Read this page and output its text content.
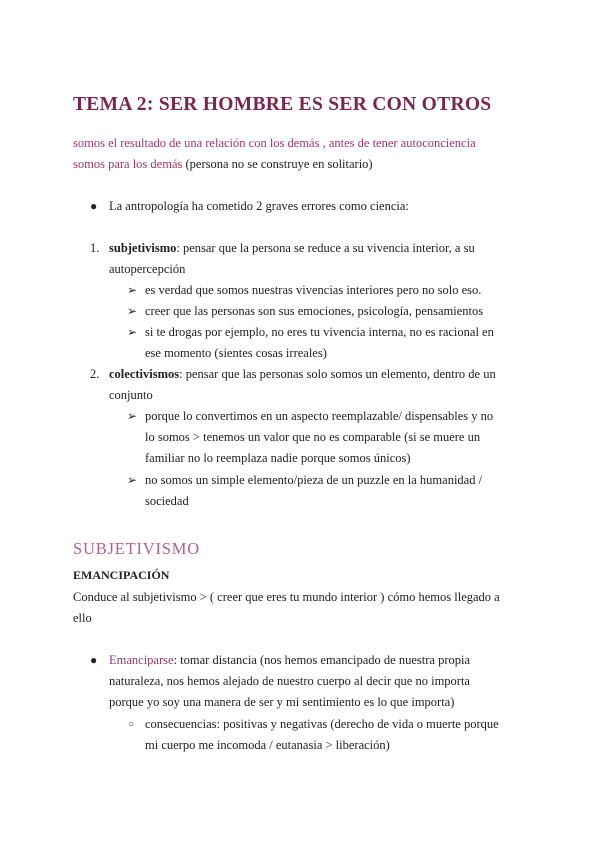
TEMA 2: SER HOMBRE ES SER CON OTROS
somos el resultado de una relación con los demás , antes de tener autoconciencia
somos para los demás (persona no se construye en solitario)
● La antropología ha cometido 2 graves errores como ciencia:
1. subjetivismo: pensar que la persona se reduce a su vivencia interior, a su
autopercepción
➢ es verdad que somos nuestras vivencias interiores pero no solo eso.
➢ creer que las personas son sus emociones, psicología, pensamientos
➢ si te drogas por ejemplo, no eres tu vivencia interna, no es racional en
ese momento (sientes cosas irreales)
2. colectivismos: pensar que las personas solo somos un elemento, dentro de un
conjunto
➢ porque lo convertimos en un aspecto reemplazable/ dispensables y no
lo somos > tenemos un valor que no es comparable (si se muere un
familiar no lo reemplaza nadie porque somos únicos)
➢ no somos un simple elemento/pieza de un puzzle en la humanidad /
sociedad
SUBJETIVISMO
EMANCIPACIÓN
Conduce al subjetivismo > ( creer que eres tu mundo interior ) cómo hemos llegado a
ello
● Emanciparse: tomar distancia (nos hemos emancipado de nuestra propia
naturaleza, nos hemos alejado de nuestro cuerpo al decir que no importa
porque yo soy una manera de ser y mi sentimiento es lo que importa)
○ consecuencias: positivas y negativas (derecho de vida o muerte porque
mi cuerpo me incomoda / eutanasia > liberación)
